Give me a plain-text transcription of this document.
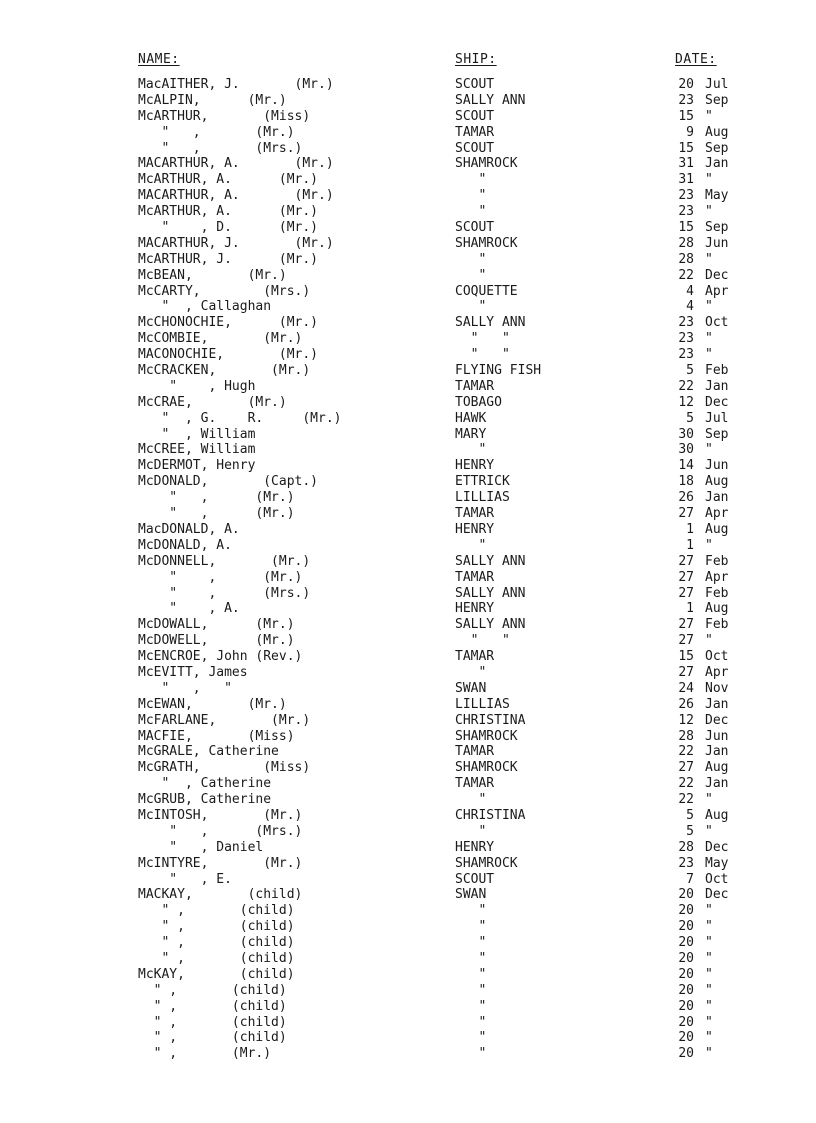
NAME:	SHIP:	DATE:
MacAITHER, J.       (Mr.)	SCOUT	20 Jul
McALPIN,      (Mr.)	SALLY ANN	23 Sep
McARTHUR,       (Miss)	SCOUT	15 "
"   ,       (Mr.)	TAMAR	9 Aug
"   ,       (Mrs.)	SCOUT	15 Sep
MACARTHUR, A.       (Mr.)	SHAMROCK	31 Jan
McARTHUR, A.      (Mr.)	"	31 "
MACARTHUR, A.       (Mr.)	"	23 May
McARTHUR, A.      (Mr.)	"	23 "
"    , D.      (Mr.)	SCOUT	15 Sep
MACARTHUR, J.       (Mr.)	SHAMROCK	28 Jun
McARTHUR, J.      (Mr.)	"	28 "
McBEAN,       (Mr.)	"	22 Dec
McCARTY,        (Mrs.)	COQUETTE	4 Apr
"  , Callaghan	"	4 "
McCHONOCHIE,      (Mr.)	SALLY ANN	23 Oct
McCOMBIE,       (Mr.)	"   "	23 "
MACONOCHIE,       (Mr.)	"   "	23 "
McCRACKEN,       (Mr.)	FLYING FISH	5 Feb
"    , Hugh	TAMAR	22 Jan
McCRAE,       (Mr.)	TOBAGO	12 Dec
"  , G.    R.     (Mr.)	HAWK	5 Jul
"  , William	MARY	30 Sep
McCREE, William	"	30 "
McDERMOT, Henry	HENRY	14 Jun
McDONALD,       (Capt.)	ETTRICK	18 Aug
"   ,      (Mr.)	LILLIAS	26 Jan
"   ,      (Mr.)	TAMAR	27 Apr
MacDONALD, A.	HENRY	1 Aug
McDONALD, A.	"	1 "
McDONNELL,       (Mr.)	SALLY ANN	27 Feb
"    ,      (Mr.)	TAMAR	27 Apr
"    ,      (Mrs.)	SALLY ANN	27 Feb
"    , A.	HENRY	1 Aug
McDOWALL,      (Mr.)	SALLY ANN	27 Feb
McDOWELL,      (Mr.)	"   "	27 "
McENCROE, John (Rev.)	TAMAR	15 Oct
McEVITT, James	"	27 Apr
"   ,   "	SWAN	24 Nov
McEWAN,       (Mr.)	LILLIAS	26 Jan
McFARLANE,       (Mr.)	CHRISTINA	12 Dec
MACFIE,       (Miss)	SHAMROCK	28 Jun
McGRALE, Catherine	TAMAR	22 Jan
McGRATH,        (Miss)	SHAMROCK	27 Aug
"  , Catherine	TAMAR	22 Jan
McGRUB, Catherine	"	22 "
McINTOSH,       (Mr.)	CHRISTINA	5 Aug
"   ,      (Mrs.)	"	5 "
"   , Daniel	HENRY	28 Dec
McINTYRE,       (Mr.)	SHAMROCK	23 May
"   , E.	SCOUT	7 Oct
MACKAY,       (child)	SWAN	20 Dec
" ,       (child)	"	20 "
" ,       (child)	"	20 "
" ,       (child)	"	20 "
" ,       (child)	"	20 "
McKAY,       (child)	"	20 "
" ,       (child)	"	20 "
" ,       (child)	"	20 "
" ,       (child)	"	20 "
" ,       (child)	"	20 "
" ,       (Mr.)	"	20 "
